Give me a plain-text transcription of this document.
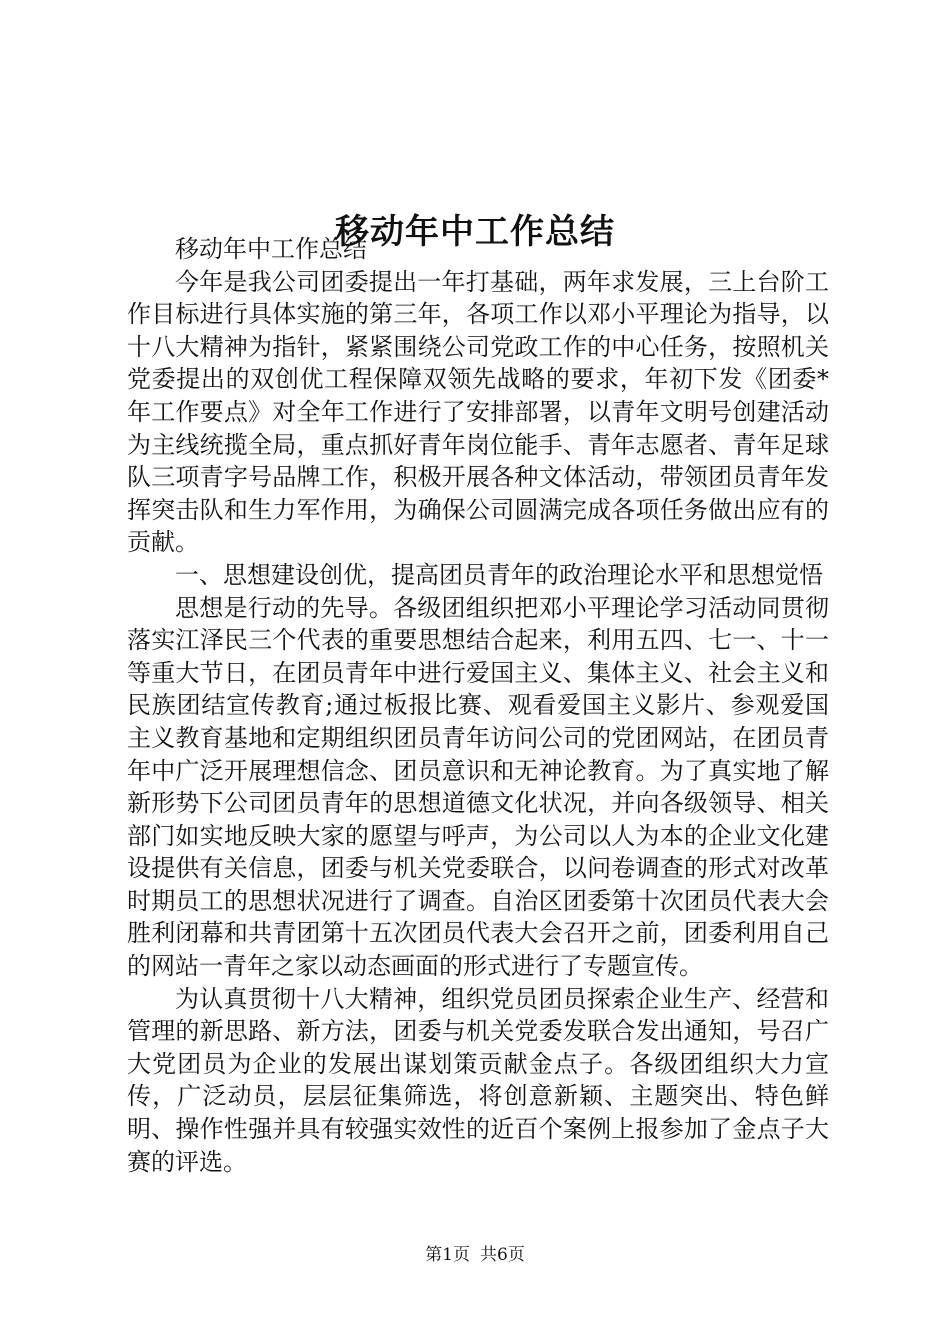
移动年中工作总结

移动年中工作总结

今年是我公司团委提出一年打基础，两年求发展，三上台阶工作目标进行具体实施的第三年，各项工作以邓小平理论为指导，以十八大精神为指针，紧紧围绕公司党政工作的中心任务，按照机关党委提出的双创优工程保障双领先战略的要求，年初下发《团委*年工作要点》对全年工作进行了安排部署，以青年文明号创建活动为主线统揽全局，重点抓好青年岗位能手、青年志愿者、青年足球队三项青字号品牌工作，积极开展各种文体活动，带领团员青年发挥突击队和生力军作用，为确保公司圆满完成各项任务做出应有的贡献。

一、思想建设创优，提高团员青年的政治理论水平和思想觉悟

思想是行动的先导。各级团组织把邓小平理论学习活动同贯彻落实江泽民三个代表的重要思想结合起来，利用五四、七一、十一等重大节日，在团员青年中进行爱国主义、集体主义、社会主义和民族团结宣传教育;通过板报比赛、观看爱国主义影片、参观爱国主义教育基地和定期组织团员青年访问公司的党团网站，在团员青年中广泛开展理想信念、团员意识和无神论教育。为了真实地了解新形势下公司团员青年的思想道德文化状况，并向各级领导、相关部门如实地反映大家的愿望与呼声，为公司以人为本的企业文化建设提供有关信息，团委与机关党委联合，以问卷调查的形式对改革时期员工的思想状况进行了调查。自治区团委第十次团员代表大会胜利闭幕和共青团第十五次团员代表大会召开之前，团委利用自己的网站一青年之家以动态画面的形式进行了专题宣传。

为认真贯彻十八大精神，组织党员团员探索企业生产、经营和管理的新思路、新方法，团委与机关党委发联合发出通知，号召广大党团员为企业的发展出谋划策贡献金点子。各级团组织大力宣传，广泛动员，层层征集筛选，将创意新颖、主题突出、特色鲜明、操作性强并具有较强实效性的近百个案例上报参加了金点子大赛的评选。

第1页 共6页
